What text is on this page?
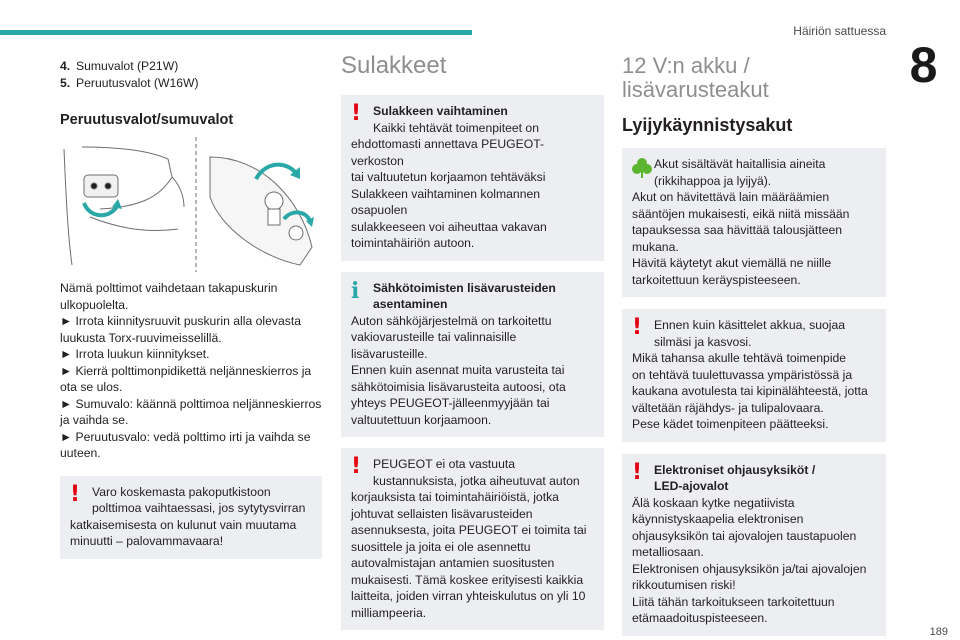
Häiriön sattuessa
8
189
4. Sumuvalot (P21W)
5. Peruutusvalot (W16W)
Peruutusvalot/sumuvalot
Nämä polttimot vaihdetaan takapuskurin
ulkopuolelta.
► Irrota kiinnitysruuvit puskurin alla olevasta
luukusta Torx-ruuvimeisselillä.
► Irrota luukun kiinnitykset.
► Kierrä polttimonpidikettä neljänneskierros ja
ota se ulos.
► Sumuvalo: käännä polttimoa neljänneskierros
ja vaihda se.
► Peruutusvalo: vedä polttimo irti ja vaihda se
uuteen.
! Varo koskemasta pakoputkistoon
polttimoa vaihtaessasi, jos sytytysvirran
katkaisemisesta on kulunut vain muutama
minuutti – palovammavaara!
Sulakkeet
! Sulakkeen vaihtaminen
Kaikki tehtävät toimenpiteet on
ehdottomasti annettava PEUGEOT-verkoston
tai valtuutetun korjaamon tehtäväksi
Sulakkeen vaihtaminen kolmannen osapuolen
sulakkeeseen voi aiheuttaa vakavan
toimintahäiriön autoon.
i	Sähkötoimisten lisävarusteiden
asentaminen
Auton sähköjärjestelmä on tarkoitettu
vakiovarusteille tai valinnaisille lisävarusteille.
Ennen kuin asennat muita varusteita tai
sähkötoimisia lisävarusteita autoosi, ota
yhteys PEUGEOT-jälleenmyyjään tai
valtuutettuun korjaamoon.
! PEUGEOT ei ota vastuuta
kustannuksista, jotka aiheutuvat auton
korjauksista tai toimintahäiriöistä, jotka
johtuvat sellaisten lisävarusteiden
asennuksesta, joita PEUGEOT ei toimita tai
suosittele ja joita ei ole asennettu
autovalmistajan antamien suositusten
mukaisesti. Tämä koskee erityisesti kaikkia
laitteita, joiden virran yhteiskulutus on yli 10
milliampeeria.
12 V:n akku /
lisävarusteakut
Lyijykäynnistysakut
Akut sisältävät haitallisia aineita
(rikkihappoa ja lyijyä).
Akut on hävitettävä lain määräämien
sääntöjen mukaisesti, eikä niitä missään
tapauksessa saa hävittää talousjätteen
mukana.
Hävitä käytetyt akut viemällä ne niille
tarkoitettuun keräyspisteeseen.
! Ennen kuin käsittelet akkua, suojaa
silmäsi ja kasvosi.
Mikä tahansa akulle tehtävä toimenpide
on tehtävä tuulettuvassa ympäristössä ja
kaukana avotulesta tai kipinälähteestä, jotta
vältetään räjähdys- ja tulipalovaara.
Pese kädet toimenpiteen päätteeksi.
! Elektroniset ohjausyksiköt /
LED-ajovalot
Älä koskaan kytke negatiivista
käynnistyskaapelia elektronisen
ohjausyksikön tai ajovalojen taustapuolen
metalliosaan.
Elektronisen ohjausyksikön ja/tai ajovalojen
rikkoutumisen riski!
Liitä tähän tarkoitukseen tarkoitettuun
etämaadoituspisteeseen.
